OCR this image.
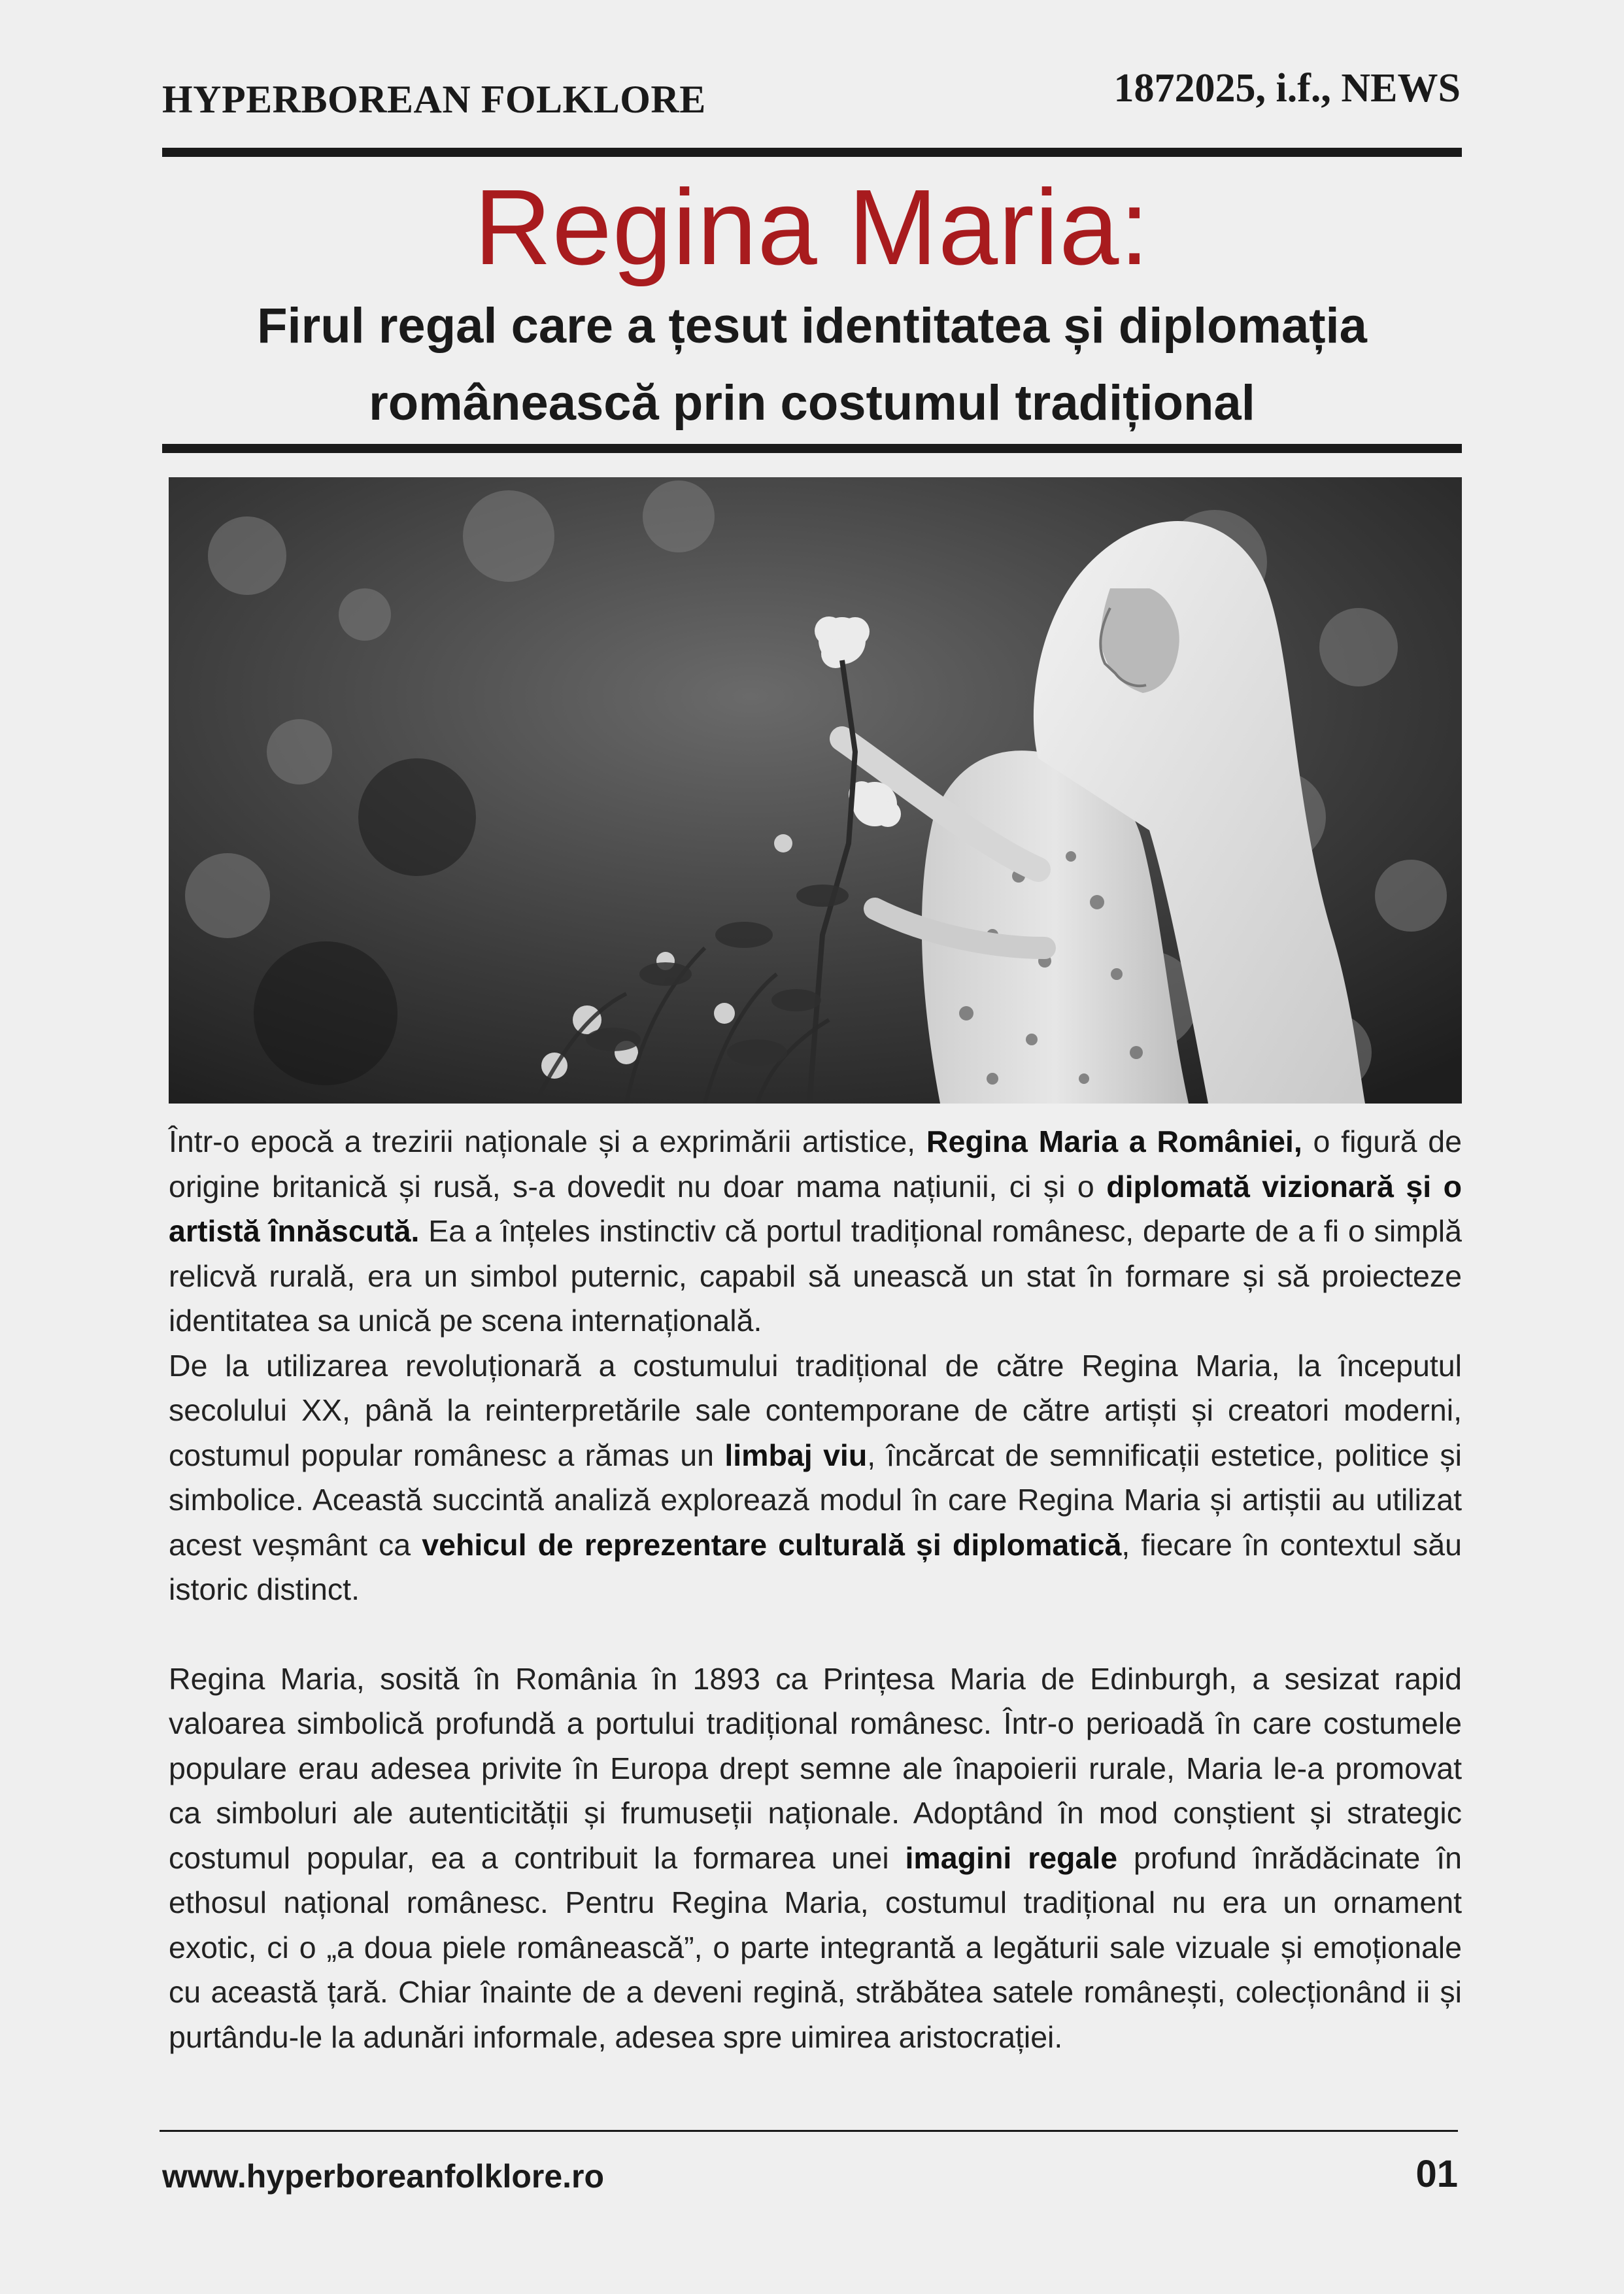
HYPERBOREAN FOLKLORE	1872025, i.f., NEWS
Regina Maria:
Firul regal care a țesut identitatea și diplomația
românească prin costumul tradițional

Într-o epocă a trezirii naționale și a exprimării artistice, Regina Maria a României, o figură de origine britanică și rusă, s-a dovedit nu doar mama națiunii, ci și o diplomată vizionară și o artistă înnăscută. Ea a înțeles instinctiv că portul tradițional românesc, departe de a fi o simplă relicvă rurală, era un simbol puternic, capabil să unească un stat în formare și să proiecteze identitatea sa unică pe scena internațională.

De la utilizarea revoluționară a costumului tradițional de către Regina Maria, la începutul secolului XX, până la reinterpretările sale contemporane de către artiști și creatori moderni, costumul popular românesc a rămas un limbaj viu, încărcat de semnificații estetice, politice și simbolice. Această succintă analiză explorează modul în care Regina Maria și artiștii au utilizat acest veșmânt ca vehicul de reprezentare culturală și diplomatică, fiecare în contextul său istoric distinct.

Regina Maria, sosită în România în 1893 ca Prințesa Maria de Edinburgh, a sesizat rapid valoarea simbolică profundă a portului tradițional românesc. Într-o perioadă în care costumele populare erau adesea privite în Europa drept semne ale înapoierii rurale, Maria le-a promovat ca simboluri ale autenticității și frumuseții naționale. Adoptând în mod conștient și strategic costumul popular, ea a contribuit la formarea unei imagini regale profund înrădăcinate în ethosul național românesc. Pentru Regina Maria, costumul tradițional nu era un ornament exotic, ci o „a doua piele românească”, o parte integrantă a legăturii sale vizuale și emoționale cu această țară. Chiar înainte de a deveni regină, străbătea satele românești, colecționând ii și purtându-le la adunări informale, adesea spre uimirea aristocrației.

www.hyperboreanfolklore.ro	01
